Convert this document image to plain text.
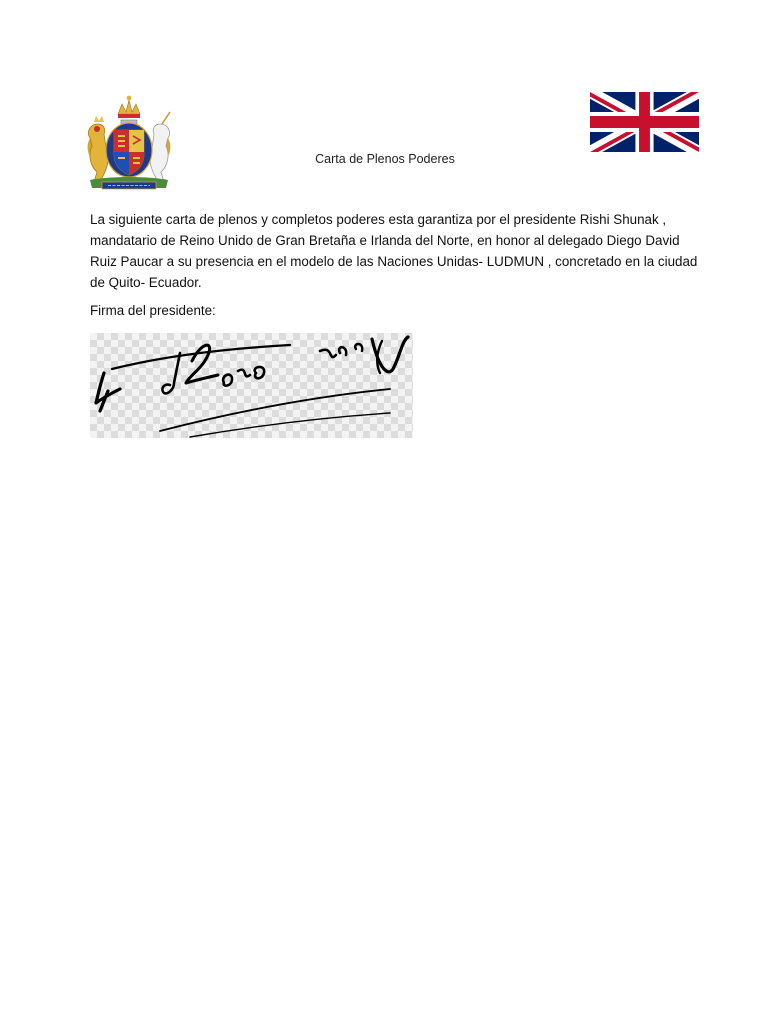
Carta de Plenos Poderes
La siguiente carta de plenos y completos poderes esta garantiza por el presidente Rishi Shunak , mandatario de Reino Unido de Gran Bretaña e Irlanda del Norte, en honor al delegado Diego David Ruiz Paucar a su presencia en el modelo de las Naciones Unidas- LUDMUN , concretado en la ciudad de Quito- Ecuador.
Firma del presidente:
